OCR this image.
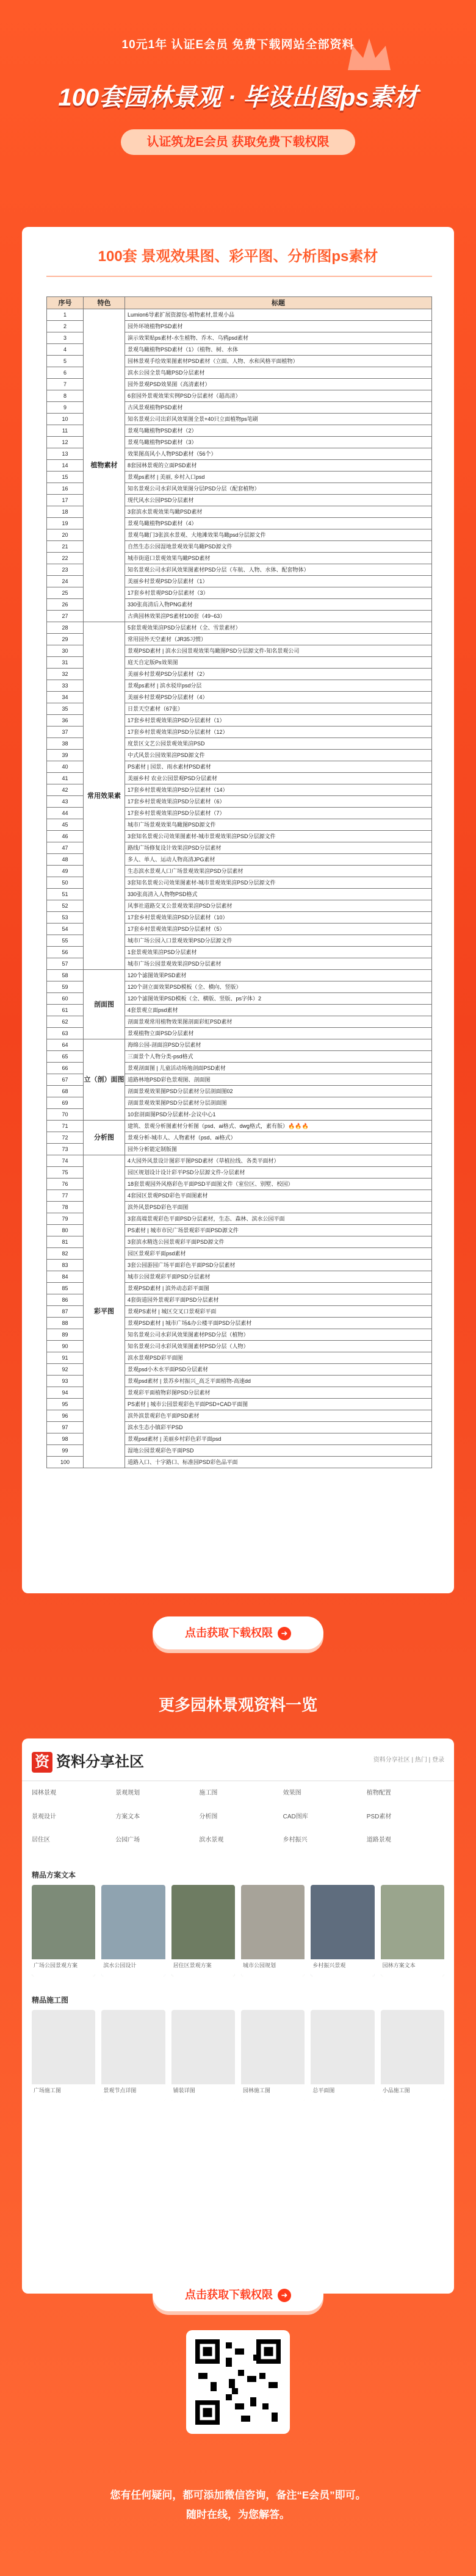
10元1年 认证E会员 免费下载网站全部资料
100套园林景观 · 毕设出图ps素材
认证筑龙E会员 获取免费下载权限
100套 景观效果图、彩平图、分析图ps素材
序号	特色	标题
1	植物素材	Lumion6导素扩展资源包-植物素材,景观小品
2		园外环境植物PSD素材
3		演示效果贴ps素材-水生植物、乔木、乌鸦psd素材
4		景观鸟瞰植物PSD素材（1）（植物、树、水体
5		园林景观手绘效果图素材PSD素材（立面、人物、水和风格平面植物）
6		滨水公园全景鸟瞰PSD分层素材
7		园外景观PSD效果图（高清素材）
8		6套园外景观效果实例PSD分层素材（超高清）
9		古风景观植物PSD素材
10		知名景观公司出彩风效果图全景+40只立面植物ps笔刷
11		景观鸟瞰植物PSD素材（2）
12		景观鸟瞰植物PSD素材（3）
13		效果图高风小人物PSD素材（56个）
14		8套园林景观的立面PSD素材
15		景观ps素材 | 美丽, 乡村入口psd
16		知名景观公司水彩风效果图分层PSD分层（配套植物）
17		现代风水公园PSD分层素材
18		3套滨水景观效果鸟瞰PSD素材
19		景观鸟瞰植物PSD素材（4）
20		景观鸟瞰门3张滨水景观、大地滩效果鸟瞰psd分层源文件
21		自然生态公园湿地景观效果鸟瞰PSD源文件
22		城市街道口景观效果鸟瞰PSD素材
23		知名景观公司水彩风效果图素材PSD分层（车航、人物、水体、配套物体）
24		美丽乡村景观PSD分层素材（1）
25		17套乡村景观PSD分层素材（3）
26		330张高清后入物PNG素材
27		古典园林效果渲PS素材100套（49~63）
28	常用效果素	5套景观效果渲PSD分层素材（全、雪景素材）
29		常用园外天空素材（JR35习惯）
30		景观PSD素材 | 滨水公园景观效果鸟瞰图PSD分层源文件-知名景观公司
31		庭天自定版Ps效果图
32		美丽乡村景观PSD分层素材（2）
33		景观ps素材 | 滨水驳岸psd分层
34		美丽乡村景观PSD分层素材（4）
35		日景天空素材（67张）
36		17套乡村景观效果渲PSD分层素材（1）
37		17套乡村景观效果渲PSD分层素材（12）
38		度景区文艺公园景观效果渲PSD
39		中式风景公园效果渲PSD源文件
40		PS素材 | 园景、雨水素材PSD素材
41		美丽乡村 农业公园景观PSD分层素材
42		17套乡村景观效果渲PSD分层素材（14）
43		17套乡村景观效果渲PSD分层素材（6）
44		17套乡村景观效果渲PSD分层素材（7）
45		城市广场景观效果鸟瞰图PSD源文件
46		3套知名景观公司效果图素材-城市景观效果渲PSD分层源文件
47		路线广场修复设计效果渲PSD分层素材
48		多人、单人、运动人物高清JPG素材
49		生态滨水景观人口广场景观效果渲PSD分层素材
50		3套知名景观公司效果图素材-城市景观效果渲PSD分层源文件
51		330张高清入人物物PSD格式
52		风事社道路交叉公景观效果渲PSD分层素材
53		17套乡村景观效果渲PSD分层素材（10）
54		17套乡村景观效果渲PSD分层素材（5）
55		城市广场公园入口景观效果PSD分层源文件
56		1套景观效果渲PSD分层素材
57		城市广场公园景观效果渲PSD分层素材
58	剖面图	120个滤图效果PSD素材
59		120个剖立面效果PSD模板（全、横向、竖版）
60		120个滤图效果PSD模板（全、横版、竖版、ps字体）2
61		4套景观立面psd素材
62		剖面景观常用植物效果图剖面彩虹PSD素材
63		景观植物立面PSD分层素材
64	立（剖）面图	海绵公园-剖面渲PSD分层素材
65		三面景个人物分类-psd格式
66		景观剖面图 | 儿童活动场地剖面PSD素材
67		道路林地PSD彩色景观图、剖面图
68		剖面景观效果图PSD分层素材分层剖面图02
69		剖面景观效果图PSD分层素材分层剖面图
70		10套剖面图PSD分层素材-会议中心1
71	分析图	建筑、景观分析图素材分析图（psd、ai格式、dwg格式，素有版）🔥🔥🔥
72		景观分析-城市人、人物素材（psd、ai格式）
73		园外分析能定制版图
74	彩平图	4大园外风景设计图彩平图PSD素材（草植拉线、各类平面材）
75		园区规划设计设计彩平PSD分层源文件-分层素材
76		18套景观园外风格彩色平面PSD平面图文件（室位区、别墅、校园）
77		4套园区景观PSD彩色平面图素材
78		滨外风景PSD彩色平面图
79		3套高端景观彩色平面PSD分层素材，生态、森林、滨水公园平面
80		PS素材 | 城市市民广场景观彩平面PSD源文件
81		3套滨水精选公园景观彩平面PSD源文件
82		园区景观彩平面psd素材
83		3套公园游园广场平面彩色平面PSD分层素材
84		城市公园景观彩平面PSD分层素材
85		景观PSD素材 | 滨外动态彩平面图
86		4套街道园外景观彩平面PSD分层素材
87		景观PS素材 | 城区交叉口景观彩平面
88		景观PSD素材 | 城市广场&办公楼平面PSD分层素材
89		知名景观公司水彩风效果图素材PSD分层（植物）
90		知名景观公司水彩风效果图素材PSD分层（人物）
91		滨水景观PSD彩平面图
92		景观psd小木水平面PSD分层素材
93		景观psd素材 | 景苏乡村振兴_高乏平面植物-高速dd
94		景观彩平面植物彩图PSD分层素材
95		PS素材 | 城市公园景观彩色平面PSD+CAD平面图
96		滨外滨景观彩色平面PSD素材
97		滨水生态小镇彩平PSD
98		景观psd素材 | 美丽乡村彩色彩平面psd
99		湿地公园景观彩色平面PSD
100		道路入口、十字路口、标准园PSD彩色品平面
点击获取下载权限 ➜
更多园林景观资料一览
资 资料分享社区	资料分享社区 | 热门 | 登录
园林景观	景观规划	施工图	效果图	植物配置
景观设计	方案文本	分析图	CAD图库	PSD素材
居住区	公园广场	滨水景观	乡村振兴	道路景观
精品方案文本
广场公园景观方案	滨水公园设计	居住区景观方案	城市公园规划	乡村振兴景观	园林方案文本
精品施工图
广场施工图	景观节点详图	铺装详图	园林施工图	总平面图	小品施工图
点击获取下载权限 ➜
您有任何疑问，都可添加微信咨询，备注“E会员”即可。
随时在线，为您解答。
